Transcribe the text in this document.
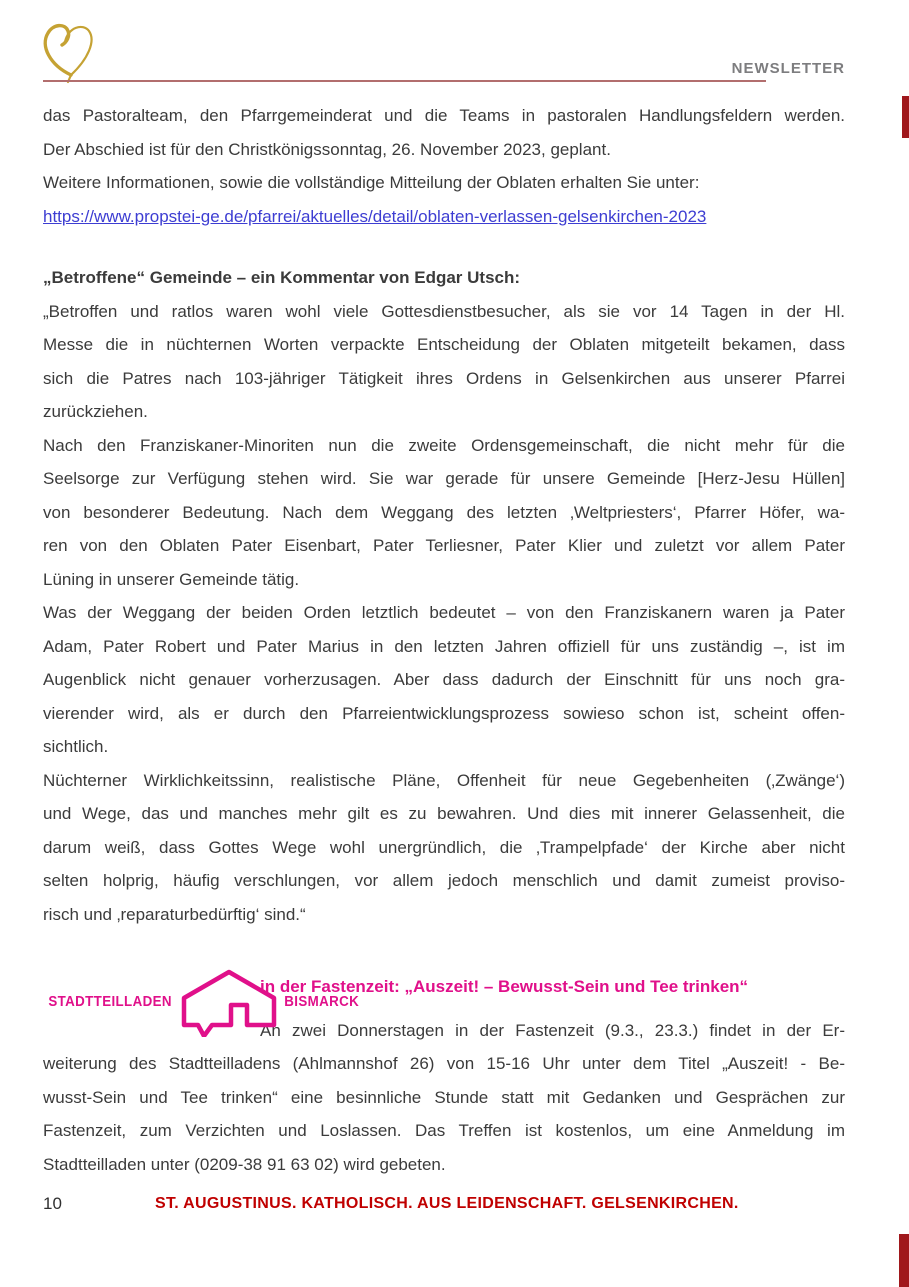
NEWSLETTER
das Pastoralteam, den Pfarrgemeinderat und die Teams in pastoralen Handlungsfeldern werden.
Der Abschied ist für den Christkönigssonntag, 26. November 2023, geplant.
Weitere Informationen, sowie die vollständige Mitteilung der Oblaten erhalten Sie unter:
https://www.propstei-ge.de/pfarrei/aktuelles/detail/oblaten-verlassen-gelsenkirchen-2023
„Betroffene“ Gemeinde – ein Kommentar von Edgar Utsch:
„Betroffen und ratlos waren wohl viele Gottesdienstbesucher, als sie vor 14 Tagen in der Hl.
Messe die in nüchternen Worten verpackte Entscheidung der Oblaten mitgeteilt bekamen, dass
sich die Patres nach 103-jähriger Tätigkeit ihres Ordens in Gelsenkirchen aus unserer Pfarrei
zurückziehen.
Nach den Franziskaner-Minoriten nun die zweite Ordensgemeinschaft, die nicht mehr für die
Seelsorge zur Verfügung stehen wird. Sie war gerade für unsere Gemeinde [Herz-Jesu Hüllen]
von besonderer Bedeutung. Nach dem Weggang des letzten ‚Weltpriesters‘, Pfarrer Höfer, wa-
ren von den Oblaten Pater Eisenbart, Pater Terliesner, Pater Klier und zuletzt vor allem Pater
Lüning in unserer Gemeinde tätig.
Was der Weggang der beiden Orden letztlich bedeutet – von den Franziskanern waren ja Pater
Adam, Pater Robert und Pater Marius in den letzten Jahren offiziell für uns zuständig –, ist im
Augenblick nicht genauer vorherzusagen. Aber dass dadurch der Einschnitt für uns noch gra-
vierender wird, als er durch den Pfarreientwicklungsprozess sowieso schon ist, scheint offen-
sichtlich.
Nüchterner Wirklichkeitssinn, realistische Pläne, Offenheit für neue Gegebenheiten (‚Zwänge‘)
und Wege, das und manches mehr gilt es zu bewahren. Und dies mit innerer Gelassenheit, die
darum weiß, dass Gottes Wege wohl unergründlich, die ‚Trampelpfade‘ der Kirche aber nicht
selten holprig, häufig verschlungen, vor allem jedoch menschlich und damit zumeist proviso-
risch und ‚reparaturbedürftig‘ sind.“
in der Fastenzeit: „Auszeit! – Bewusst-Sein und Tee trinken“
An zwei Donnerstagen in der Fastenzeit (9.3., 23.3.) findet in der Er-
weiterung des Stadtteilladens (Ahlmannshof 26) von 15-16 Uhr unter dem Titel „Auszeit! - Be-
wusst-Sein und Tee trinken“ eine besinnliche Stunde statt mit Gedanken und Gesprächen zur
Fastenzeit, zum Verzichten und Loslassen. Das Treffen ist kostenlos, um eine Anmeldung im
Stadtteilladen unter (0209-38 91 63 02) wird gebeten.
STADTTEILLADEN	BISMARCK
10	ST. AUGUSTINUS. KATHOLISCH. AUS LEIDENSCHAFT. GELSENKIRCHEN.
